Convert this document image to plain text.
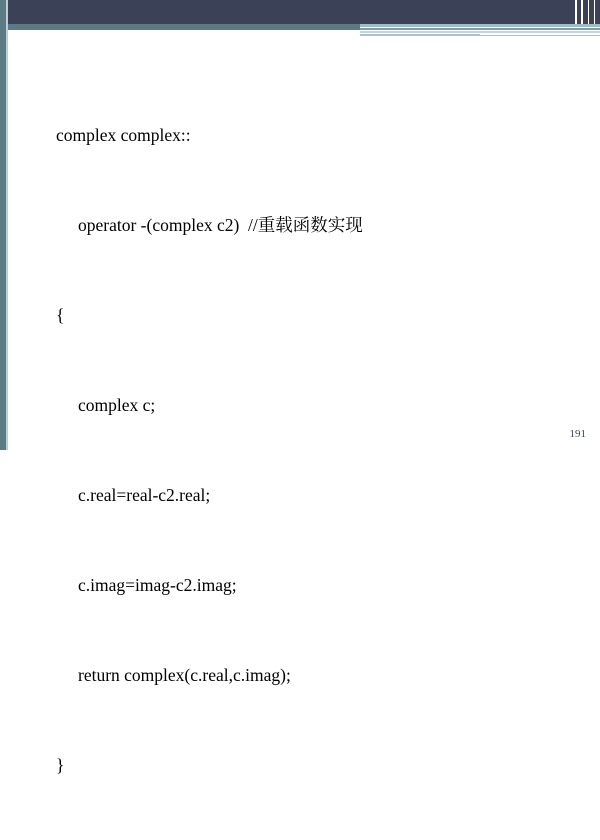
complex complex::

operator -(complex c2)  //重载函数实现

{

complex c;

c.real=real-c2.real;

c.imag=imag-c2.imag;

return complex(c.real,c.imag);

}

191
